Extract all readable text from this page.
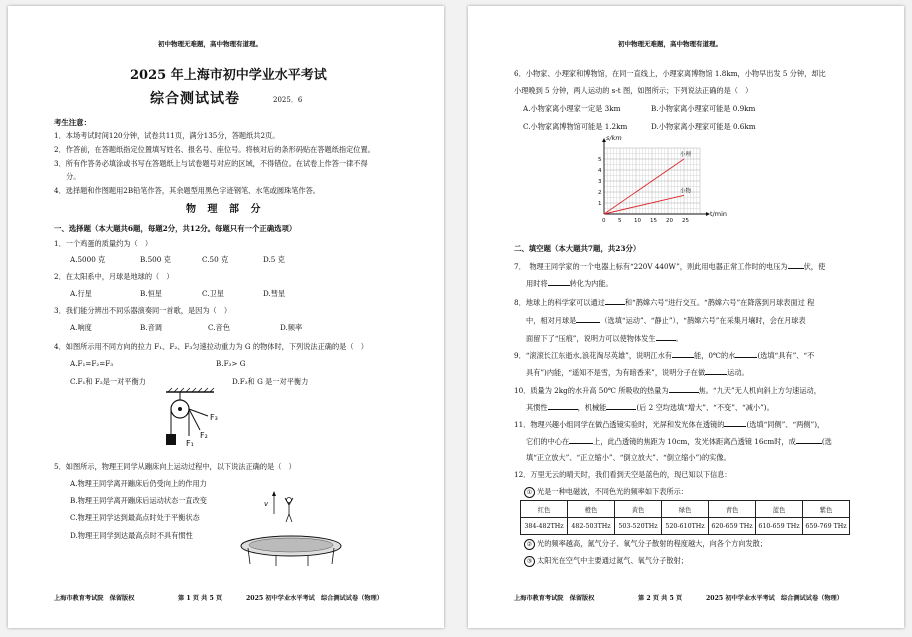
初中物理无难题，高中物理有道理。
2025 年上海市初中学业水平考试
综合测试试卷	2025．6
考生注意：
1．本场考试时间120分钟，试卷共11页，满分135分，答题纸共2页。
2．作答前，在答题纸指定位置填写姓名、报名号、座位号。将核对后的条形码贴在答题纸指定位置。
3．所有作答务必填涂或书写在答题纸上与试卷题号对应的区域，不得错位。在试卷上作答一律不得
分。
4．选择题和作图题用2B铅笔作答，其余题型用黑色字迹钢笔、水笔或圆珠笔作答。
物 理 部 分
一、选择题（本大题共6题，每题2分，共12分。每题只有一个正确选项）
1．一个鸡蛋的质量约为（　）
A.5000 克	B.500 克	C.50 克	D.5 克
2．在太阳系中，月球是地球的（　）
A.行星	B.恒星	C.卫星	D.彗星
3．我们能分辨出不同乐器演奏同一首歌，是因为（　）
A.响度	B.音调	C.音色	D.频率
4．如图所示用不同方向的拉力 F₁、F₂、F₃匀速拉动重力为 G 的物体时，下列说法正确的是（　）
A.F₁=F₂=F₃	B.F₃> G
C.F₁和 F₂是一对平衡力	D.F₃和 G 是一对平衡力
F₁
F₂
F₃
5．如图所示，物理王同学从蹦床向上运动过程中，以下说法正确的是（　）
A.物理王同学离开蹦床后仍受向上的作用力
B.物理王同学离开蹦床后运动状态一直改变
C.物理王同学达到最高点时处于平衡状态
D.物理王同学到达最高点时不具有惯性
v
上海市教育考试院　保留版权	第 1 页 共 5 页	2025 初中学业水平考试　综合测试试卷（物理）
初中物理无难题，高中物理有道理。
6．小物家、小理家和博物馆，在同一直线上，小理家离博物馆 1.8km，小物早出发 5 分钟，却比
小理晚到 5 分钟，两人运动的 s-t 图，如图所示；下列说法正确的是（　）
A.小物家离小理家一定是 3km	B.小物家离小理家可能是 0.9km
C.小物家离博物馆可能是 1.2km	D.小物家离小理家可能是 0.6km
0 5 10 15 20 25
1
2
3
4
5
t/min
s/km
小理
小物
二、填空题（本大题共7题，共23分）
7．　物理王同学家的一个电器上标有“220V 440W”，则此用电器正常工作时的电压为 伏，使
用时将	转化为内能。
8．地球上的科学家可以通过	和“鹊嫦六号”进行交互。“鹊嫦六号”在降落到月球表面过 程
中，相对月球是	（选填“运动”、“静止”），“鹊嫦六号”在采集月壤时，会在月球表
面留下了“压痕”，说明力可以使物体发生	。
9．“滚滚长江东逝水,浪花淘尽英雄”，说明江水有	能，0℃的水	(选填“具有”、“不
具有”)内能，“遥知不是雪，为有暗香来”，说明分子在做	运动。
10．质量为 2kg的水升高 50℃ 所吸收的热量为	焦。“九天”无人机向斜上方匀速运动，
其惯性	，机械能	(后 2 空均选填“增大”、“不变”、“减小”)。
11．物理兴趣小组同学在做凸透镜实验时，光屏和发光体在透镜的	(选填“同侧”、“两侧”)，
它们的中心在	上，此凸透镜的焦距为 10cm，发光体距离凸透镜 16cm时，成	(选
填“正立放大”、“正立缩小”、“倒立放大”、“倒立缩小”)的实像。
12．万里无云的晴天时，我们看到天空是蓝色的，现已知以下信息：
① 光是一种电磁波，不同色光的频率如下表所示：
红色	橙色	黄色	绿色	青色	蓝色	紫色
384-482THz	482-503THz	503-520THz	520-610THz	620-659 THz	610-659 THz	659-769 THz
② 光的频率越高，氮气分子、氧气分子散射的程度越大，向各个方向发散；
③ 太阳光在空气中主要通过氮气、氧气分子散射；
上海市教育考试院　保留版权	第 2 页 共 5 页	2025 初中学业水平考试　综合测试试卷（物理）
